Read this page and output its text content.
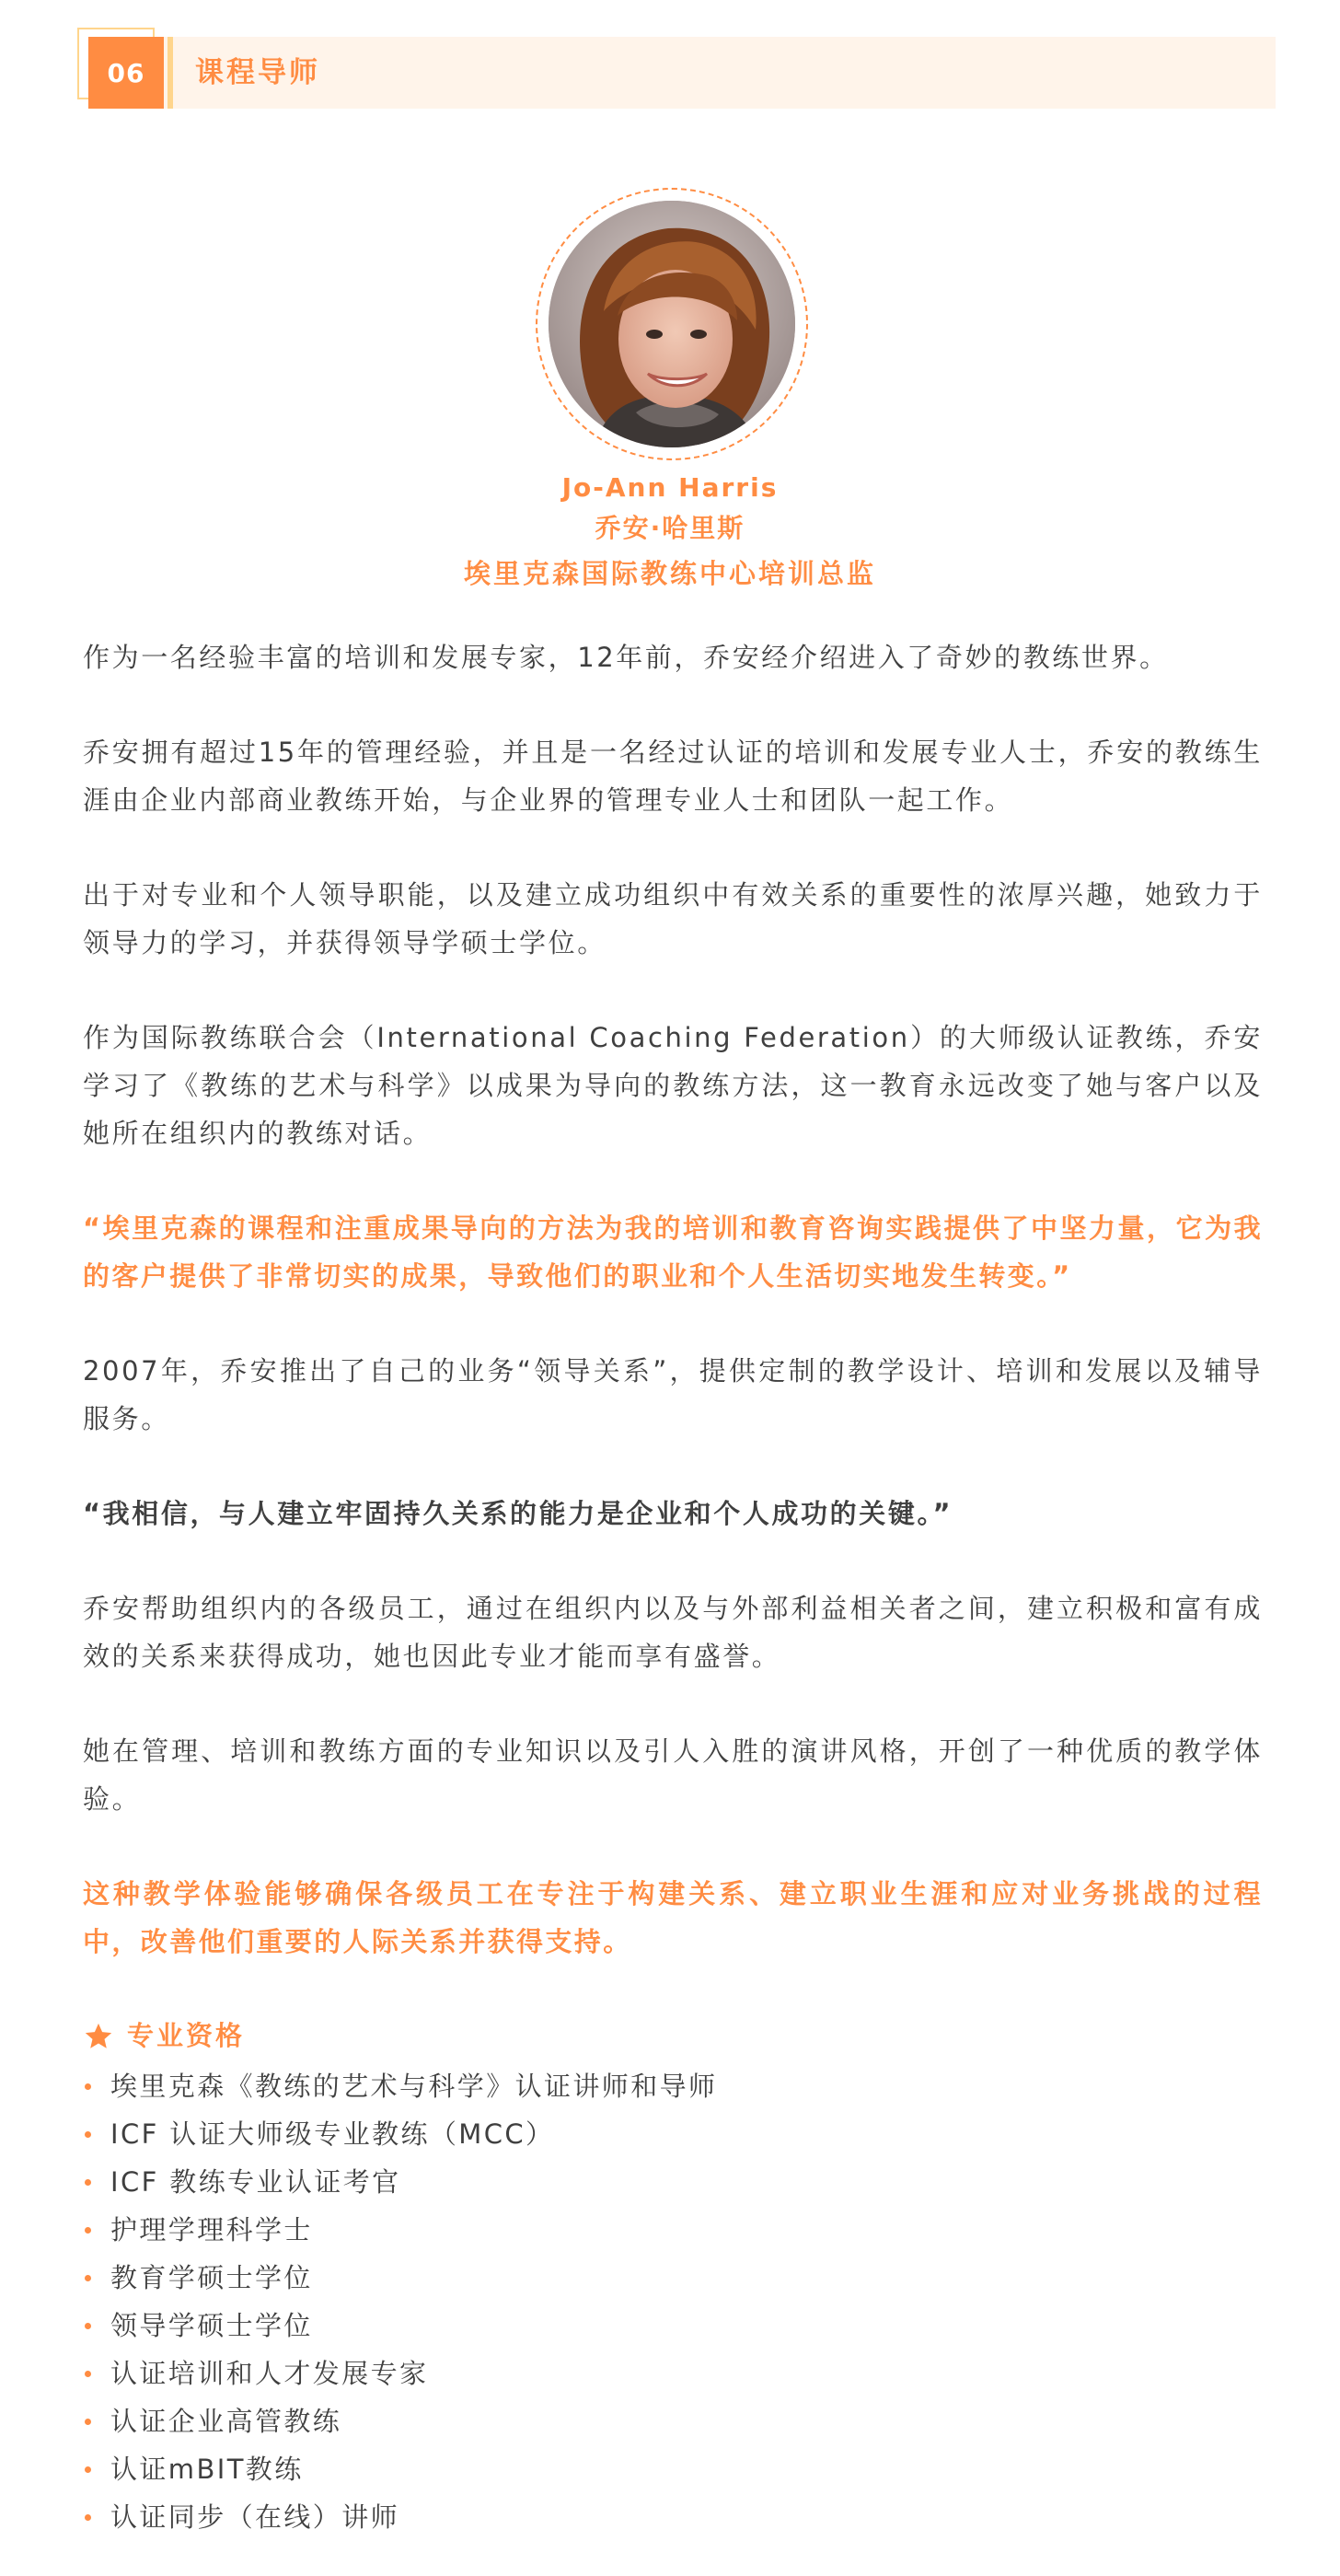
06	课程导师
Jo-Ann Harris
乔安·哈里斯
埃里克森国际教练中心培训总监

作为一名经验丰富的培训和发展专家，12年前，乔安经介绍进入了奇妙的教练世界。

乔安拥有超过15年的管理经验，并且是一名经过认证的培训和发展专业人士，乔安的教练生涯由企业内部商业教练开始，与企业界的管理专业人士和团队一起工作。

出于对专业和个人领导职能，以及建立成功组织中有效关系的重要性的浓厚兴趣，她致力于领导力的学习，并获得领导学硕士学位。

作为国际教练联合会（International Coaching Federation）的大师级认证教练，乔安学习了《教练的艺术与科学》以成果为导向的教练方法，这一教育永远改变了她与客户以及她所在组织内的教练对话。

“埃里克森的课程和注重成果导向的方法为我的培训和教育咨询实践提供了中坚力量，它为我的客户提供了非常切实的成果，导致他们的职业和个人生活切实地发生转变。”

2007年，乔安推出了自己的业务“领导关系”，提供定制的教学设计、培训和发展以及辅导服务。

“我相信，与人建立牢固持久关系的能力是企业和个人成功的关键。”

乔安帮助组织内的各级员工，通过在组织内以及与外部利益相关者之间，建立积极和富有成效的关系来获得成功，她也因此专业才能而享有盛誉。

她在管理、培训和教练方面的专业知识以及引人入胜的演讲风格，开创了一种优质的教学体验。

这种教学体验能够确保各级员工在专注于构建关系、建立职业生涯和应对业务挑战的过程中，改善他们重要的人际关系并获得支持。

专业资格
埃里克森《教练的艺术与科学》认证讲师和导师
ICF 认证大师级专业教练（MCC）
ICF 教练专业认证考官
护理学理科学士
教育学硕士学位
领导学硕士学位
认证培训和人才发展专家
认证企业高管教练
认证mBIT教练
认证同步（在线）讲师
